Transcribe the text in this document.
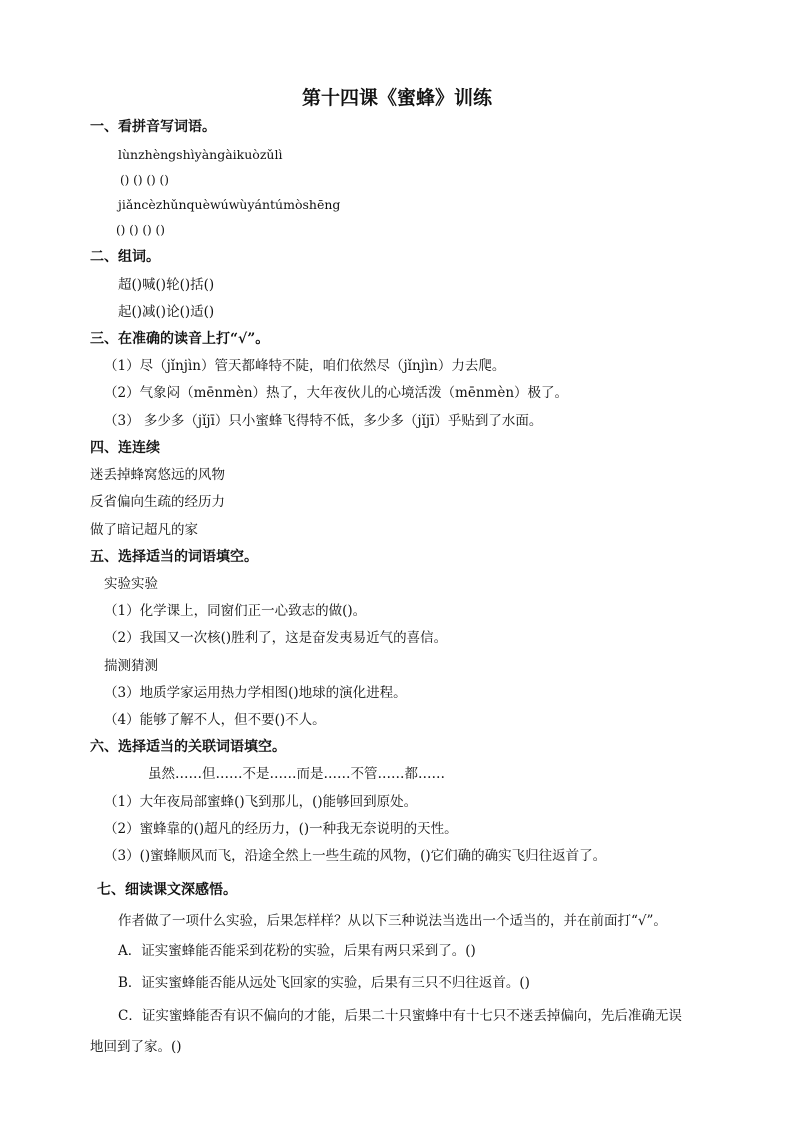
第十四课《蜜蜂》训练
一、看拼音写词语。
lùnzhèngshìyàngàikuòzǔlì
() () () ()
jiǎncèzhǔnquèwúwùyántúmòshēng
() () () ()
二、组词。
超()喊()轮()括()
起()减()论()适()
三、在准确的读音上打“√”。
（1）尽（jǐnjìn）管天都峰特不陡，咱们依然尽（jǐnjìn）力去爬。
（2）气象闷（mēnmèn）热了，大年夜伙儿的心境活泼（mēnmèn）极了。
（3） 多少多（jǐjī）只小蜜蜂飞得特不低，多少多（jǐjī）乎贴到了水面。
四、连连续
迷丢掉蜂窝悠远的风物
反省偏向生疏的经历力
做了暗记超凡的家
五、选择适当的词语填空。
实验实验
（1）化学课上，同窗们正一心致志的做()。
（2）我国又一次核()胜利了，这是奋发夷易近气的喜信。
揣测猜测
（3）地质学家运用热力学相图()地球的演化进程。
（4）能够了解不人，但不要()不人。
六、选择适当的关联词语填空。
虽然……但……不是……而是……不管……都……
（1）大年夜局部蜜蜂()飞到那儿，()能够回到原处。
（2）蜜蜂靠的()超凡的经历力，()一种我无奈说明的天性。
（3）()蜜蜂顺风而飞，沿途全然上一些生疏的风物，()它们确的确实飞归往返首了。
七、细读课文深感悟。
作者做了一项什么实验，后果怎样样？从以下三种说法当选出一个适当的，并在前面打“√”。
A．证实蜜蜂能否能采到花粉的实验，后果有两只采到了。()
B．证实蜜蜂能否能从远处飞回家的实验，后果有三只不归往返首。()
C．证实蜜蜂能否有识不偏向的才能，后果二十只蜜蜂中有十七只不迷丢掉偏向，先后准确无误
地回到了家。()
